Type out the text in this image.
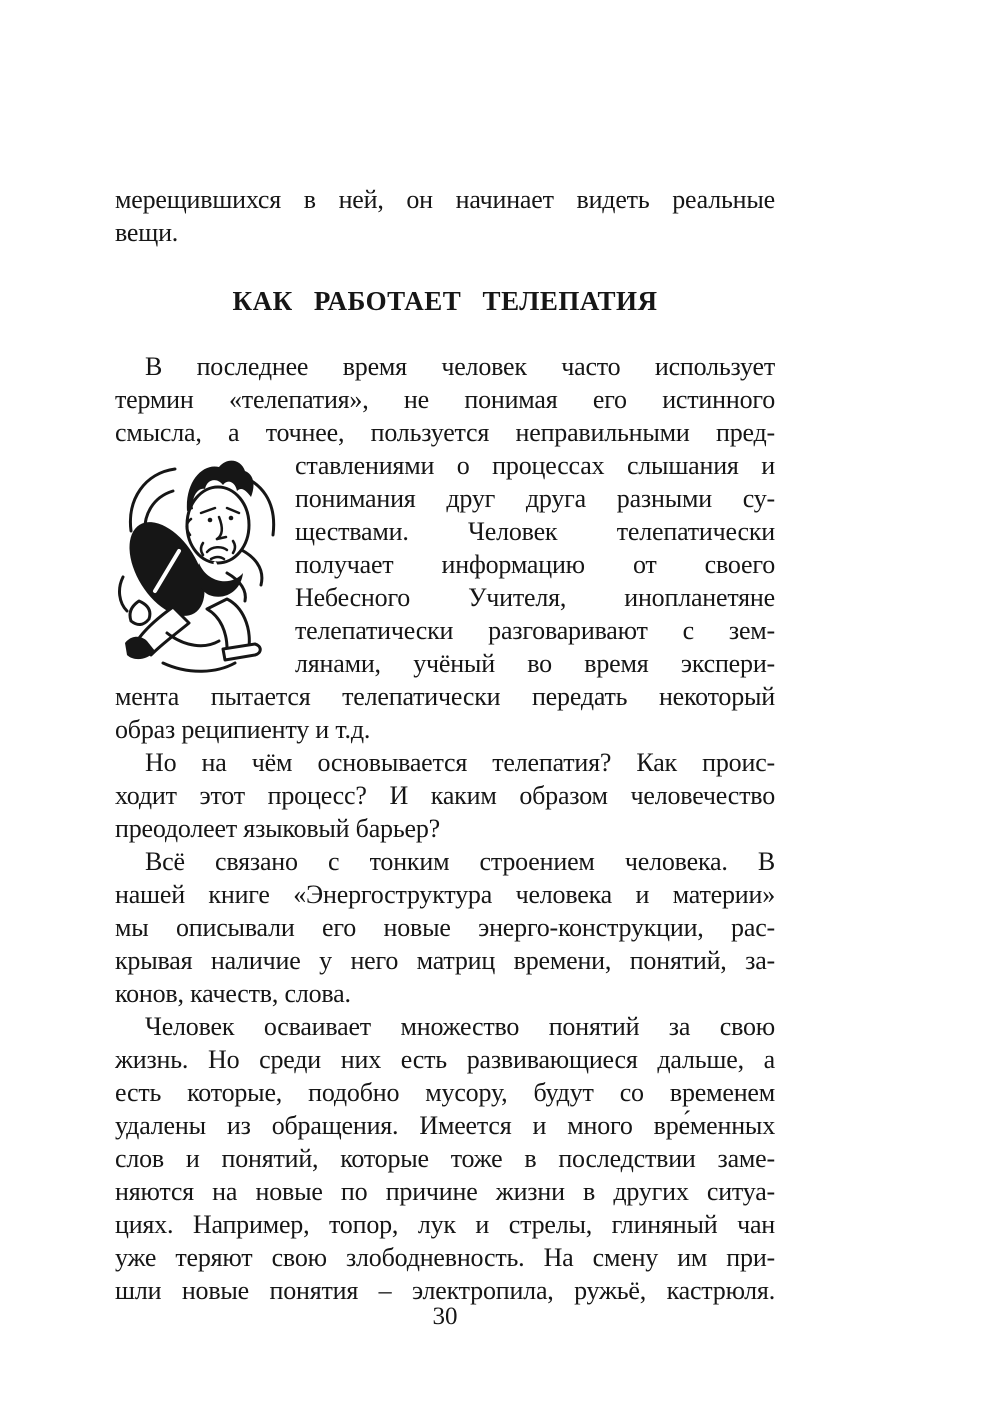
мерещившихся в ней, он начинает видеть реальные
вещи.
КАК РАБОТАЕТ ТЕЛЕПАТИЯ
В последнее время человек часто использует
термин «телепатия», не понимая его истинного
смысла, а точнее, пользуется неправильными пред-
ставлениями о процессах слышания и
понимания друг друга разными су-
ществами. Человек телепатически
получает информацию от своего
Небесного Учителя, инопланетяне
телепатически разговаривают с зем-
лянами, учёный во время экспери-
мента пытается телепатически передать некоторый
образ реципиенту и т.д.
Но на чём основывается телепатия? Как проис-
ходит этот процесс? И каким образом человечество
преодолеет языковый барьер?
Всё связано с тонким строением человека. В
нашей книге «Энергоструктура человека и материи»
мы описывали его новые энерго-конструкции, рас-
крывая наличие у него матриц времени, понятий, за-
конов, качеств, слова.
Человек осваивает множество понятий за свою
жизнь. Но среди них есть развивающиеся дальше, а
есть которые, подобно мусору, будут со временем
удалены из обращения. Имеется и много вре́менных
слов и понятий, которые тоже в последствии заме-
няются на новые по причине жизни в других ситуа-
циях. Например, топор, лук и стрелы, глиняный чан
уже теряют свою злободневность. На смену им при-
шли новые понятия – электропила, ружьё, кастрюля.
30
